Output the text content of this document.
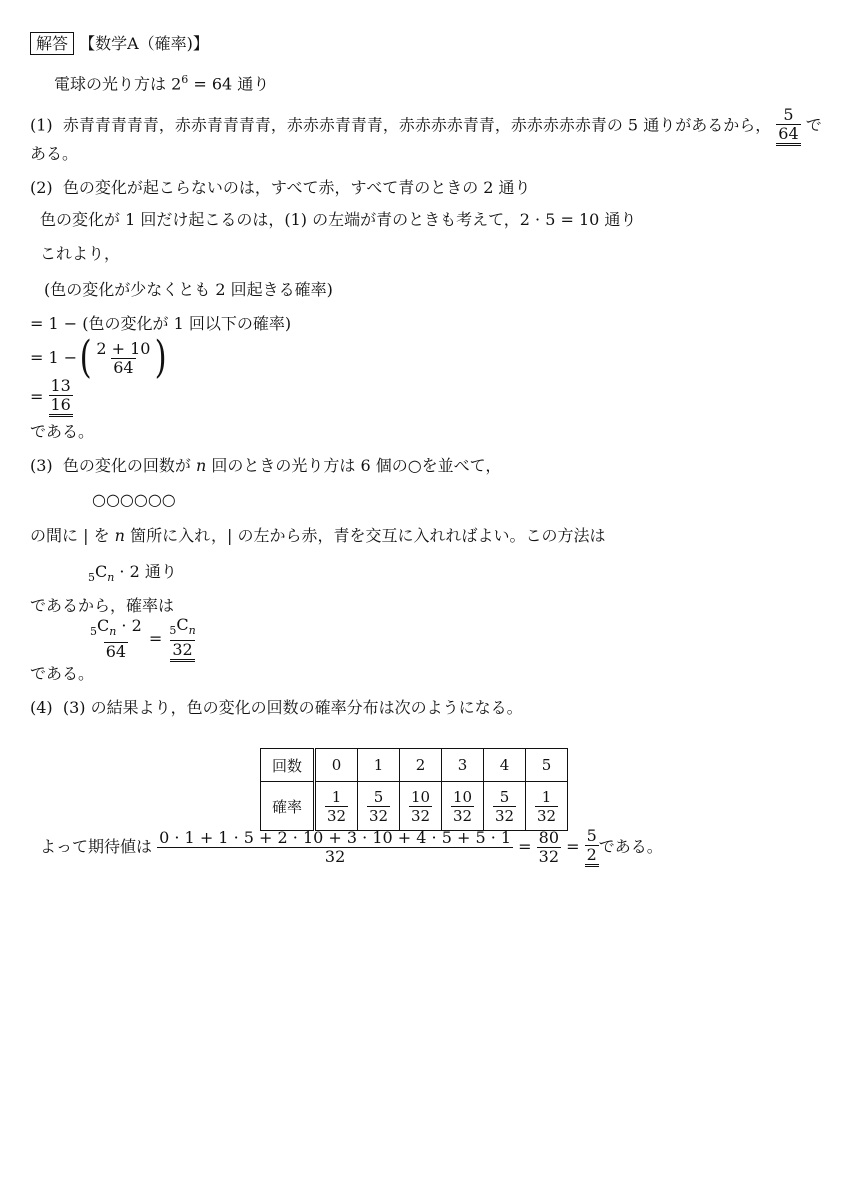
解答 【数学A（確率)】
電球の光り方は $2^6 = 64$ 通り
(1) 赤青青青青青，赤赤青青青青，赤赤赤青青青，赤赤赤赤青青，赤赤赤赤赤青の 5 通りがあるから， $\frac{5}{64}$ で
ある。
(2) 色の変化が起こらないのは，すべて赤，すべて青のときの 2 通り
色の変化が 1 回だけ起こるのは，(1) の左端が青のときも考えて，2 · 5 = 10 通り
これより，
(色の変化が少なくとも 2 回起きる確率)
= 1 − (色の変化が 1 回以下の確率)
= 1 − ( $\frac{2 + 10}{64}$ )
=
$\frac{13}{16}$
である。
(3) 色の変化の回数が n 回のときの光り方は 6 個の○を並べて，
○○○○○○
の間に | を n 箇所に入れ，| の左から赤，青を交互に入れればよい。この方法は
$_5C_n \cdot 2$ 通り
であるから，確率は
$\frac{_5C_n \cdot 2}{64}$
=
$\frac{_5C_n}{32}$
である。
(4) (3) の結果より，色の変化の回数の確率分布は次のようになる。
回数	0	1	2	3	4	5
確率	$\frac{1}{32}$	$\frac{5}{32}$	$\frac{10}{32}$	$\frac{10}{32}$	$\frac{5}{32}$	$\frac{1}{32}$
よって期待値は
$\frac{0 \cdot 1 + 1 \cdot 5 + 2 \cdot 10 + 3 \cdot 10 + 4 \cdot 5 + 5 \cdot 1}{32}$
=
$\frac{80}{32}$
=
$\frac{5}{2}$ である。
